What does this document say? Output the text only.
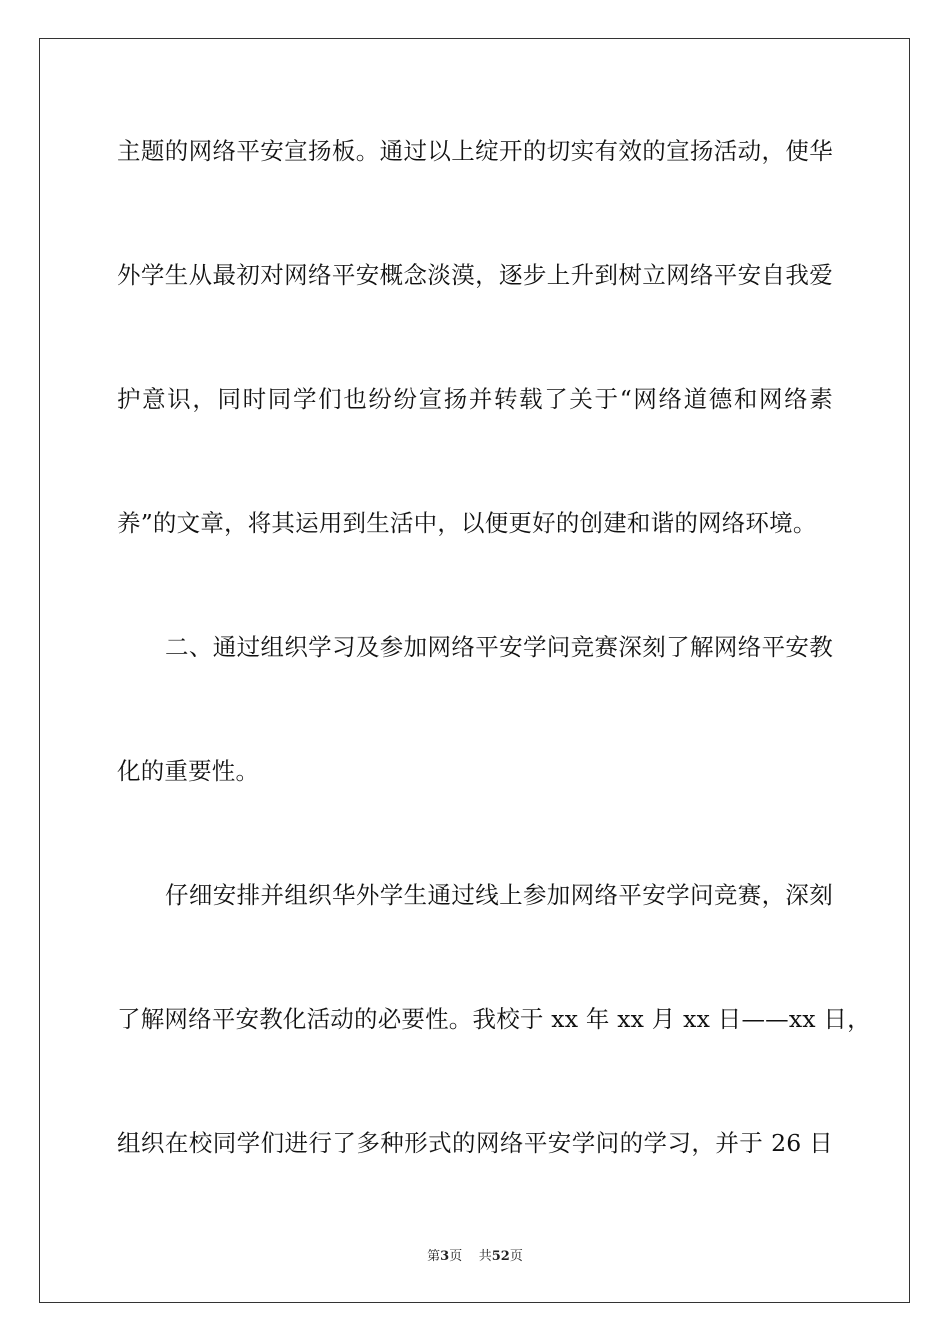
主题的网络平安宣扬板。通过以上绽开的切实有效的宣扬活动，使华
外学生从最初对网络平安概念淡漠，逐步上升到树立网络平安自我爱
护意识，同时同学们也纷纷宣扬并转载了关于“网络道德和网络素
养”的文章，将其运用到生活中，以便更好的创建和谐的网络环境。
二、通过组织学习及参加网络平安学问竞赛深刻了解网络平安教
化的重要性。
仔细安排并组织华外学生通过线上参加网络平安学问竞赛，深刻
了解网络平安教化活动的必要性。我校于 xx 年 xx 月 xx 日——xx 日，
组织在校同学们进行了多种形式的网络平安学问的学习，并于 26 日
第3页 共52页
